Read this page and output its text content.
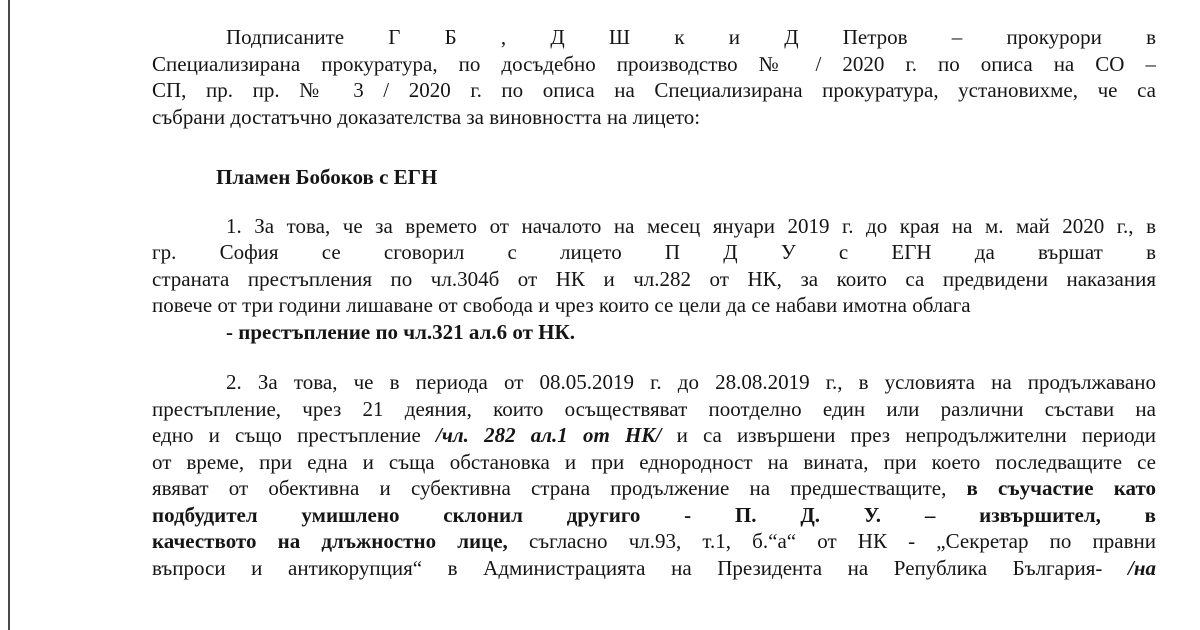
Подписаните Г Б , Д Ш к и Д Петров – прокурори в
Специализирана прокуратура, по досъдебно производство № / 2020 г. по описа на СО –
СП, пр. пр. № 3 / 2020 г. по описа на Специализирана прокуратура, установихме, че са
събрани достатъчно доказателства за виновността на лицето:
Пламен Бобоков с ЕГН
1. За това, че за времето от началото на месец януари 2019 г. до края на м. май 2020 г., в
гр. София се сговорил с лицето П Д У с ЕГН да вършат в
страната престъпления по чл.304б от НК и чл.282 от НК, за които са предвидени наказания
повече от три години лишаване от свобода и чрез които се цели да се набави имотна облага
- престъпление по чл.321 ал.6 от НК.
2. За това, че в периода от 08.05.2019 г. до 28.08.2019 г., в условията на продължавано
престъпление, чрез 21 деяния, които осъществяват поотделно един или различни състави на
едно и също престъпление /чл. 282 ал.1 от НК/ и са извършени през непродължителни периоди
от време, при една и съща обстановка и при еднородност на вината, при което последващите се
явяват от обективна и субективна страна продължение на предшестващите, в съучастие като
подбудител умишлено склонил другиго - П. Д. У. – извършител, в
качеството на длъжностно лице, съгласно чл.93, т.1, б.“а“ от НК - „Секретар по правни
въпроси и антикорупция“ в Администрацията на Президента на Република България- /на
